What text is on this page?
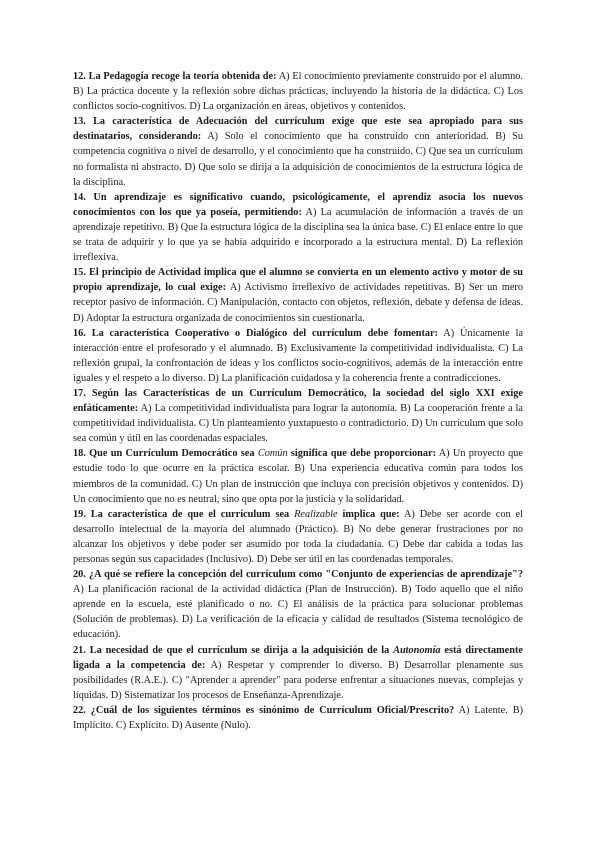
12. La Pedagogía recoge la teoría obtenida de: A) El conocimiento previamente construido por el alumno. B) La práctica docente y la reflexión sobre dichas prácticas, incluyendo la historia de la didáctica. C) Los conflictos socio-cognitivos. D) La organización en áreas, objetivos y contenidos.

13. La característica de Adecuación del currículum exige que este sea apropiado para sus destinatarios, considerando: A) Solo el conocimiento que ha construido con anterioridad. B) Su competencia cognitiva o nivel de desarrollo, y el conocimiento que ha construido. C) Que sea un currículum no formalista ni abstracto. D) Que solo se dirija a la adquisición de conocimientos de la estructura lógica de la disciplina.

14. Un aprendizaje es significativo cuando, psicológicamente, el aprendiz asocia los nuevos conocimientos con los que ya poseía, permitiendo: A) La acumulación de información a través de un aprendizaje repetitivo. B) Que la estructura lógica de la disciplina sea la única base. C) El enlace entre lo que se trata de adquirir y lo que ya se había adquirido e incorporado a la estructura mental. D) La reflexión irreflexiva.

15. El principio de Actividad implica que el alumno se convierta en un elemento activo y motor de su propio aprendizaje, lo cual exige: A) Activismo irreflexivo de actividades repetitivas. B) Ser un mero receptor pasivo de información. C) Manipulación, contacto con objetos, reflexión, debate y defensa de ideas. D) Adoptar la estructura organizada de conocimientos sin cuestionarla.

16. La característica Cooperativo o Dialógico del currículum debe fomentar: A) Únicamente la interacción entre el profesorado y el alumnado. B) Exclusivamente la competitividad individualista. C) La reflexión grupal, la confrontación de ideas y los conflictos socio-cognitivos, además de la interacción entre iguales y el respeto a lo diverso. D) La planificación cuidadosa y la coherencia frente a contradicciones.

17. Según las Características de un Currículum Democrático, la sociedad del siglo XXI exige enfáticamente: A) La competitividad individualista para lograr la autonomía. B) La cooperación frente a la competitividad individualista. C) Un planteamiento yuxtapuesto o contradictorio. D) Un currículum que solo sea común y útil en las coordenadas espaciales.

18. Que un Currículum Democrático sea Común significa que debe proporcionar: A) Un proyecto que estudie todo lo que ocurre en la práctica escolar. B) Una experiencia educativa común para todos los miembros de la comunidad. C) Un plan de instrucción que incluya con precisión objetivos y contenidos. D) Un conocimiento que no es neutral, sino que opta por la justicia y la solidaridad.

19. La característica de que el currículum sea Realizable implica que: A) Debe ser acorde con el desarrollo intelectual de la mayoría del alumnado (Práctico). B) No debe generar frustraciones por no alcanzar los objetivos y debe poder ser asumido por toda la ciudadanía. C) Debe dar cabida a todas las personas según sus capacidades (Inclusivo). D) Debe ser útil en las coordenadas temporales.

20. ¿A qué se refiere la concepción del currículum como "Conjunto de experiencias de aprendizaje"? A) La planificación racional de la actividad didáctica (Plan de Instrucción). B) Todo aquello que el niño aprende en la escuela, esté planificado o no. C) El análisis de la práctica para solucionar problemas (Solución de problemas). D) La verificación de la eficacia y calidad de resultados (Sistema tecnológico de educación).

21. La necesidad de que el currículum se dirija a la adquisición de la Autonomía está directamente ligada a la competencia de: A) Respetar y comprender lo diverso. B) Desarrollar plenamente sus posibilidades (R.A.E.). C) "Aprender a aprender" para poderse enfrentar a situaciones nuevas, complejas y líquidas. D) Sistematizar los procesos de Enseñanza-Aprendizaje.

22. ¿Cuál de los siguientes términos es sinónimo de Currículum Oficial/Prescrito? A) Latente. B) Implícito. C) Explícito. D) Ausente (Nulo).
